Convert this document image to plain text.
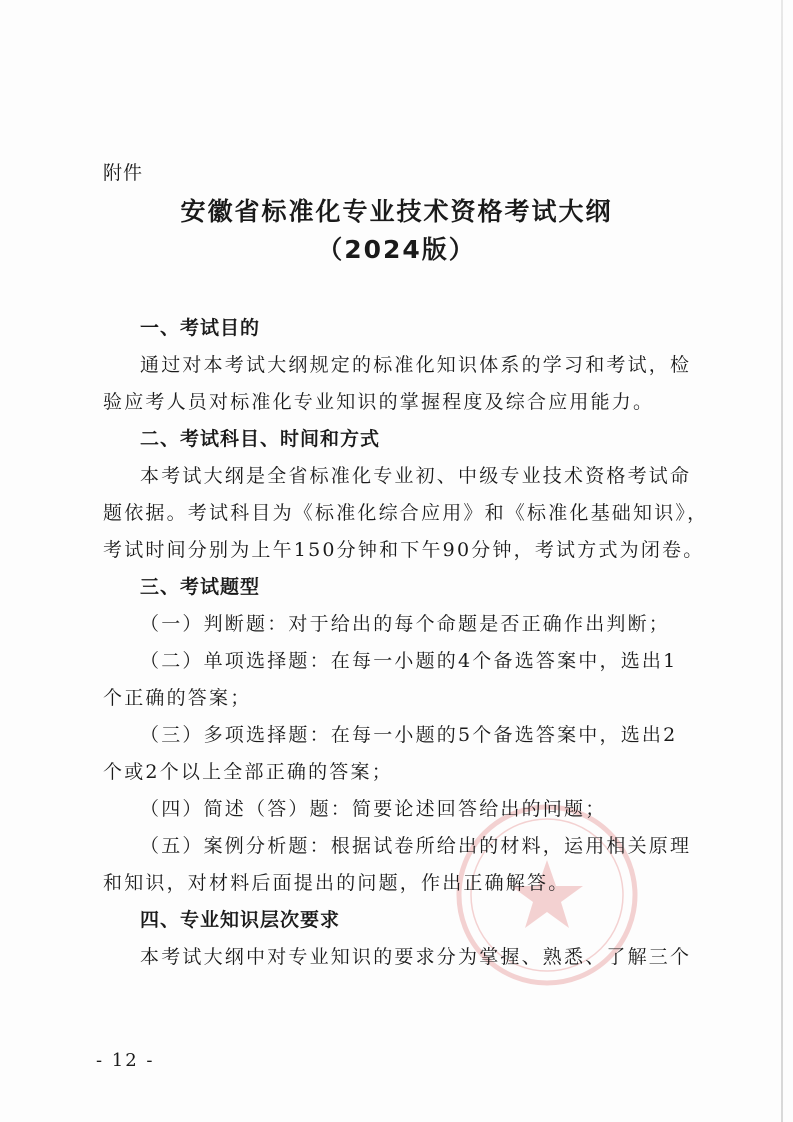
附件
安徽省标准化专业技术资格考试大纲
（2024版）
一、考试目的
通过对本考试大纲规定的标准化知识体系的学习和考试，检
验应考人员对标准化专业知识的掌握程度及综合应用能力。
二、考试科目、时间和方式
本考试大纲是全省标准化专业初、中级专业技术资格考试命
题依据。考试科目为《标准化综合应用》和《标准化基础知识》，
考试时间分别为上午150分钟和下午90分钟，考试方式为闭卷。
三、考试题型
（一）判断题：对于给出的每个命题是否正确作出判断；
（二）单项选择题：在每一小题的4个备选答案中，选出1
个正确的答案；
（三）多项选择题：在每一小题的5个备选答案中，选出2
个或2个以上全部正确的答案；
（四）简述（答）题：简要论述回答给出的问题；
（五）案例分析题：根据试卷所给出的材料，运用相关原理
和知识，对材料后面提出的问题，作出正确解答。
四、专业知识层次要求
本考试大纲中对专业知识的要求分为掌握、熟悉、了解三个
- 12 -
